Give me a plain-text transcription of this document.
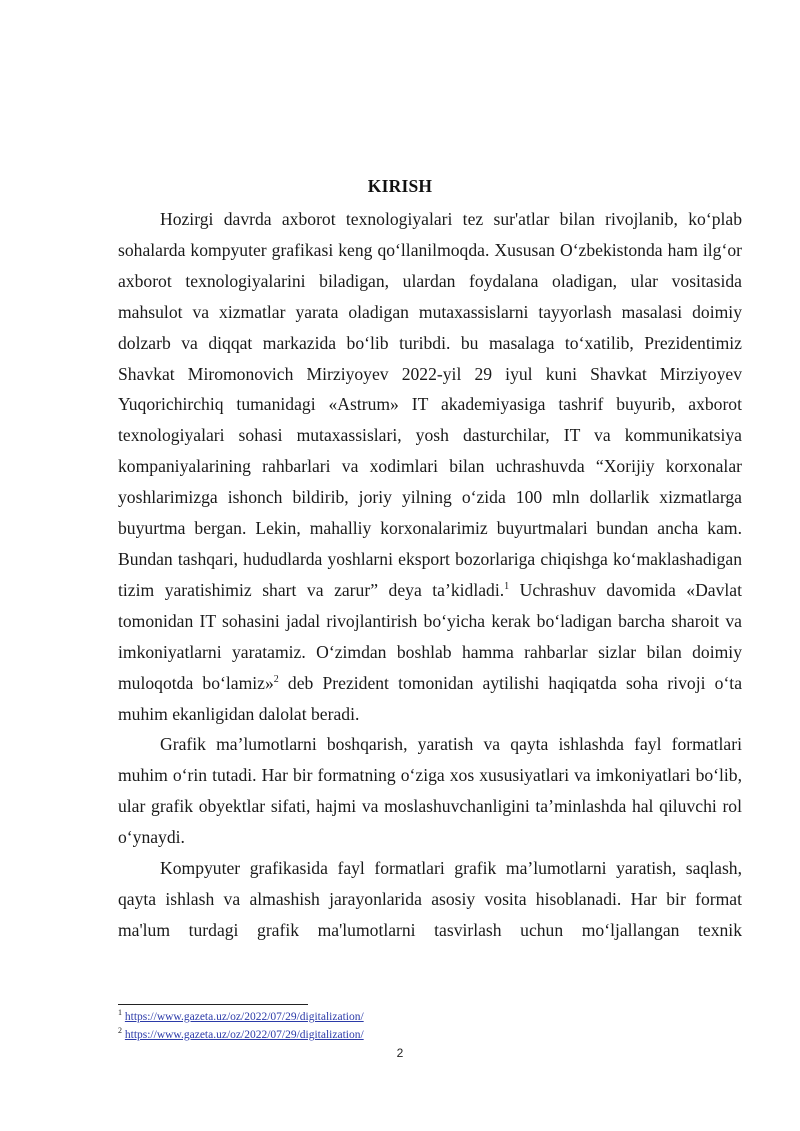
KIRISH

Hozirgi davrda axborot texnologiyalari tez sur'atlar bilan rivojlanib, ko‘plab sohalarda kompyuter grafikasi keng qo‘llanilmoqda. Xususan O‘zbekistonda ham ilg‘or axborot texnologiyalarini biladigan, ulardan foydalana oladigan, ular vositasida mahsulot va xizmatlar yarata oladigan mutaxassislarni tayyorlash masalasi doimiy dolzarb va diqqat markazida bo‘lib turibdi. bu masalaga to‘xatilib, Prezidentimiz Shavkat Miromonovich Mirziyoyev 2022-yil 29 iyul kuni Shavkat Mirziyoyev Yuqorichirchiq tumanidagi «Astrum» IT akademiyasiga tashrif buyurib, axborot texnologiyalari sohasi mutaxassislari, yosh dasturchilar, IT va kommunikatsiya kompaniyalarining rahbarlari va xodimlari bilan uchrashuvda “Xorijiy korxonalar yoshlarimizga ishonch bildirib, joriy yilning o‘zida 100 mln dollarlik xizmatlarga buyurtma bergan. Lekin, mahalliy korxonalarimiz buyurtmalari bundan ancha kam. Bundan tashqari, hududlarda yoshlarni eksport bozorlariga chiqishga ko‘maklashadigan tizim yaratishimiz shart va zarur” deya ta’kidladi.$^1$ Uchrashuv davomida «Davlat tomonidan IT sohasini jadal rivojlantirish bo‘yicha kerak bo‘ladigan barcha sharoit va imkoniyatlarni yaratamiz. O‘zimdan boshlab hamma rahbarlar sizlar bilan doimiy muloqotda bo‘lamiz»$^2$ deb Prezident tomonidan aytilishi haqiqatda soha rivoji o‘ta muhim ekanligidan dalolat beradi.

Grafik ma’lumotlarni boshqarish, yaratish va qayta ishlashda fayl formatlari muhim o‘rin tutadi. Har bir formatning o‘ziga xos xususiyatlari va imkoniyatlari bo‘lib, ular grafik obyektlar sifati, hajmi va moslashuvchanligini ta’minlashda hal qiluvchi rol o‘ynaydi.

Kompyuter grafikasida fayl formatlari grafik ma’lumotlarni yaratish, saqlash, qayta ishlash va almashish jarayonlarida asosiy vosita hisoblanadi. Har bir format ma'lum turdagi grafik ma'lumotlarni tasvirlash uchun mo‘ljallangan texnik

$^1$ https://www.gazeta.uz/oz/2022/07/29/digitalization/
$^2$ https://www.gazeta.uz/oz/2022/07/29/digitalization/
2
